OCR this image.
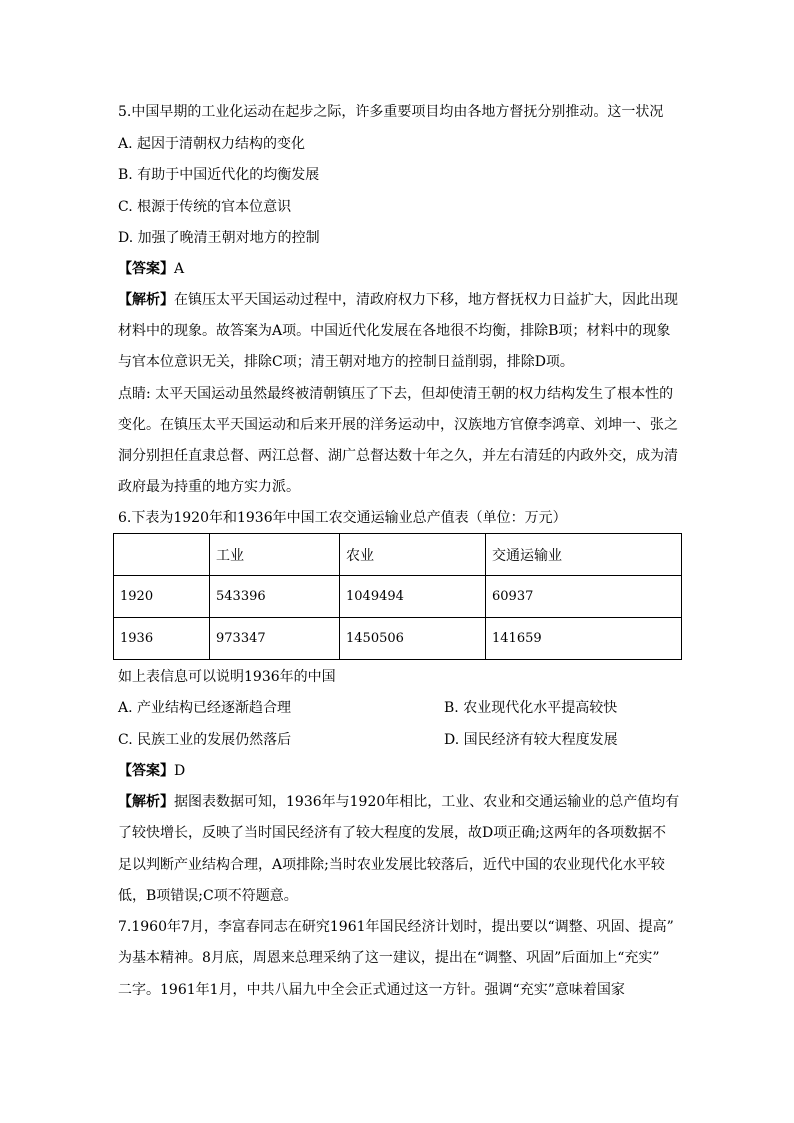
5.中国早期的工业化运动在起步之际，许多重要项目均由各地方督抚分别推动。这一状况
A. 起因于清朝权力结构的变化
B. 有助于中国近代化的均衡发展
C. 根源于传统的官本位意识
D. 加强了晚清王朝对地方的控制
【答案】A
【解析】在镇压太平天国运动过程中，清政府权力下移，地方督抚权力日益扩大，因此出现
材料中的现象。故答案为A项。中国近代化发展在各地很不均衡，排除B项；材料中的现象
与官本位意识无关，排除C项；清王朝对地方的控制日益削弱，排除D项。
点睛: 太平天国运动虽然最终被清朝镇压了下去，但却使清王朝的权力结构发生了根本性的
变化。在镇压太平天国运动和后来开展的洋务运动中，汉族地方官僚李鸿章、刘坤一、张之
洞分别担任直隶总督、两江总督、湖广总督达数十年之久，并左右清廷的内政外交，成为清
政府最为持重的地方实力派。
6.下表为1920年和1936年中国工农交通运输业总产值表（单位：万元）
	工业	农业	交通运输业
1920	543396	1049494	60937
1936	973347	1450506	141659
如上表信息可以说明1936年的中国
A. 产业结构已经逐渐趋合理	B. 农业现代化水平提高较快
C. 民族工业的发展仍然落后	D. 国民经济有较大程度发展
【答案】D
【解析】据图表数据可知，1936年与1920年相比，工业、农业和交通运输业的总产值均有
了较快增长，反映了当时国民经济有了较大程度的发展，故D项正确;这两年的各项数据不
足以判断产业结构合理，A项排除;当时农业发展比较落后，近代中国的农业现代化水平较
低，B项错误;C项不符题意。
7.1960年7月，李富春同志在研究1961年国民经济计划时，提出要以“调整、巩固、提高”
为基本精神。8月底，周恩来总理采纳了这一建议，提出在“调整、巩固”后面加上“充实”
二字。1961年1月，中共八届九中全会正式通过这一方针。强调“充实”意味着国家
